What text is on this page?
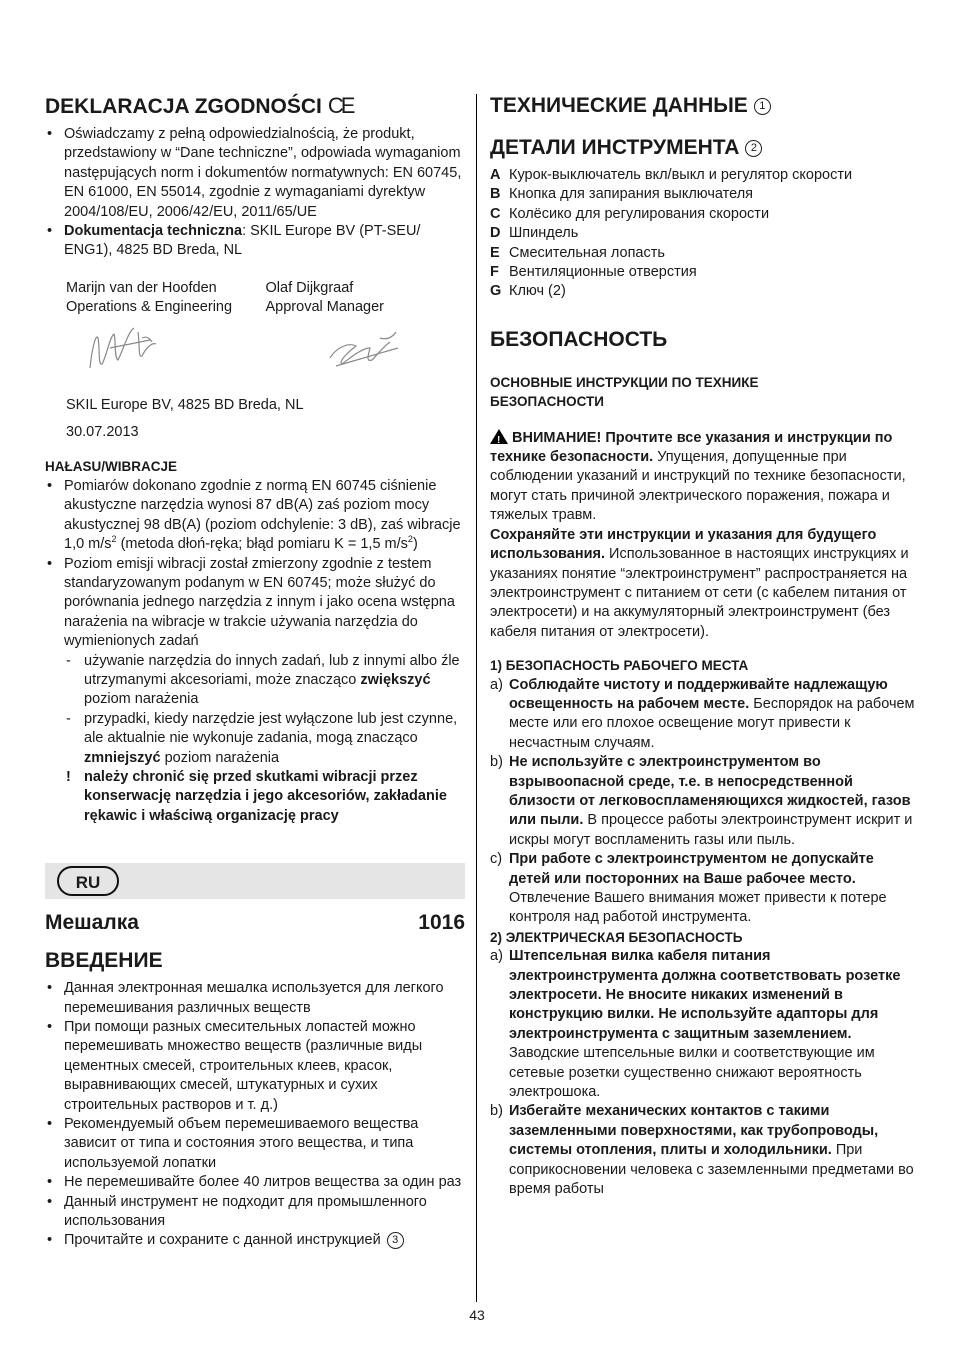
DEKLARACJA ZGODNOŚCI CE
• Oświadczamy z pełną odpowiedzialnością, że produkt, przedstawiony w “Dane techniczne”, odpowiada wymaganiom następujących norm i dokumentów normatywnych: EN 60745, EN 61000, EN 55014, zgodnie z wymaganiami dyrektyw 2004/108/EU, 2006/42/EU, 2011/65/UE
• Dokumentacja techniczna: SKIL Europe BV (PT-SEU/ ENG1), 4825 BD Breda, NL
Marijn van der Hoofden
Operations & Engineering
Olaf Dijkgraaf
Approval Manager
SKIL Europe BV, 4825 BD Breda, NL
30.07.2013
HAŁASU/WIBRACJE
• Pomiarów dokonano zgodnie z normą EN 60745 ciśnienie akustyczne narzędzia wynosi 87 dB(A) zaś poziom mocy akustycznej 98 dB(A) (poziom odchylenie: 3 dB), zaś wibracje 1,0 $m/s^2$ (metoda dłoń-ręka; błąd pomiaru K = 1,5 $m/s^2$)
• Poziom emisji wibracji został zmierzony zgodnie z testem standaryzowanym podanym w EN 60745; może służyć do porównania jednego narzędzia z innym i jako ocena wstępna narażenia na wibracje w trakcie używania narzędzia do wymienionych zadań
- używanie narzędzia do innych zadań, lub z innymi albo źle utrzymanymi akcesoriami, może znacząco zwiększyć poziom narażenia
- przypadki, kiedy narzędzie jest wyłączone lub jest czynne, ale aktualnie nie wykonuje zadania, mogą znacząco zmniejszyć poziom narażenia
! należy chronić się przed skutkami wibracji przez konserwację narzędzia i jego akcesoriów, zakładanie rękawic i właściwą organizację pracy
RU
Мешалка	1016
ВВЕДЕНИЕ
• Данная электронная мешалка используется для легкого перемешивания различных веществ
• При помощи разных смесительных лопастей можно перемешивать множество веществ (различные виды цементных смесей, строительных клеев, красок, выравнивающих смесей, штукатурных и сухих строительных растворов и т. д.)
• Рекомендуемый объем перемешиваемого вещества зависит от типа и состояния этого вещества, и типа используемой лопатки
• Не перемешивайте более 40 литров вещества за один раз
• Данный инструмент не подходит для промышленного использования
• Прочитайте и сохраните с данной инструкцией 3
ТЕХНИЧЕСКИЕ ДАННЫЕ 1
ДЕТАЛИ ИНСТРУМЕНТА 2
A Курок-выключатель вкл/выкл и регулятор скорости
B Кнопка для запирания выключателя
C Колёсико для регулирования скорости
D Шпиндель
E Смесительная лопасть
F Вентиляционные отверстия
G Ключ (2)
БЕЗОПАСНОСТЬ
ОСНОВНЫЕ ИНСТРУКЦИИ ПО ТЕХНИКЕ БЕЗОПАСНОСТИ
!ВНИМАНИЕ! Прочтите все указания и инструкции по технике безопасности. Упущения, допущенные при соблюдении указаний и инструкций по технике безопасности, могут стать причиной электрического поражения, пожара и тяжелых травм.
Сохраняйте эти инструкции и указания для будущего использования. Использованное в настоящих инструкциях и указаниях понятие “электроинструмент” распространяется на электроинструмент с питанием от сети (с кабелем питания от электросети) и на аккумуляторный электроинструмент (без кабеля питания от электросети).
1) БЕЗОПАСНОСТЬ РАБОЧЕГО МЕСТА
a) Соблюдайте чистоту и поддерживайте надлежащую освещенность на рабочем месте. Беспорядок на рабочем месте или его плохое освещение могут привести к несчастным случаям.
b) Не используйте с электроинструментом во взрывоопасной среде, т.е. в непосредственной близости от легковоспламеняющихся жидкостей, газов или пыли. В процессе работы электроинструмент искрит и искры могут воспламенить газы или пыль.
c) При работе с электроинструментом не допускайте детей или посторонних на Ваше рабочее место. Отвлечение Вашего внимания может привести к потере контроля над работой инструмента.
2) ЭЛЕКТРИЧЕСКАЯ БЕЗОПАСНОСТЬ
a) Штепсельная вилка кабеля питания электроинструмента должна соответствовать розетке электросети. Не вносите никаких изменений в конструкцию вилки. Не используйте адапторы для электроинструмента с защитным заземлением. Заводские штепсельные вилки и соответствующие им сетевые розетки существенно снижают вероятность электрошока.
b) Избегайте механических контактов с такими заземленными поверхностями, как трубопроводы, системы отопления, плиты и холодильники. При соприкосновении человека с заземленными предметами во время работы
43
